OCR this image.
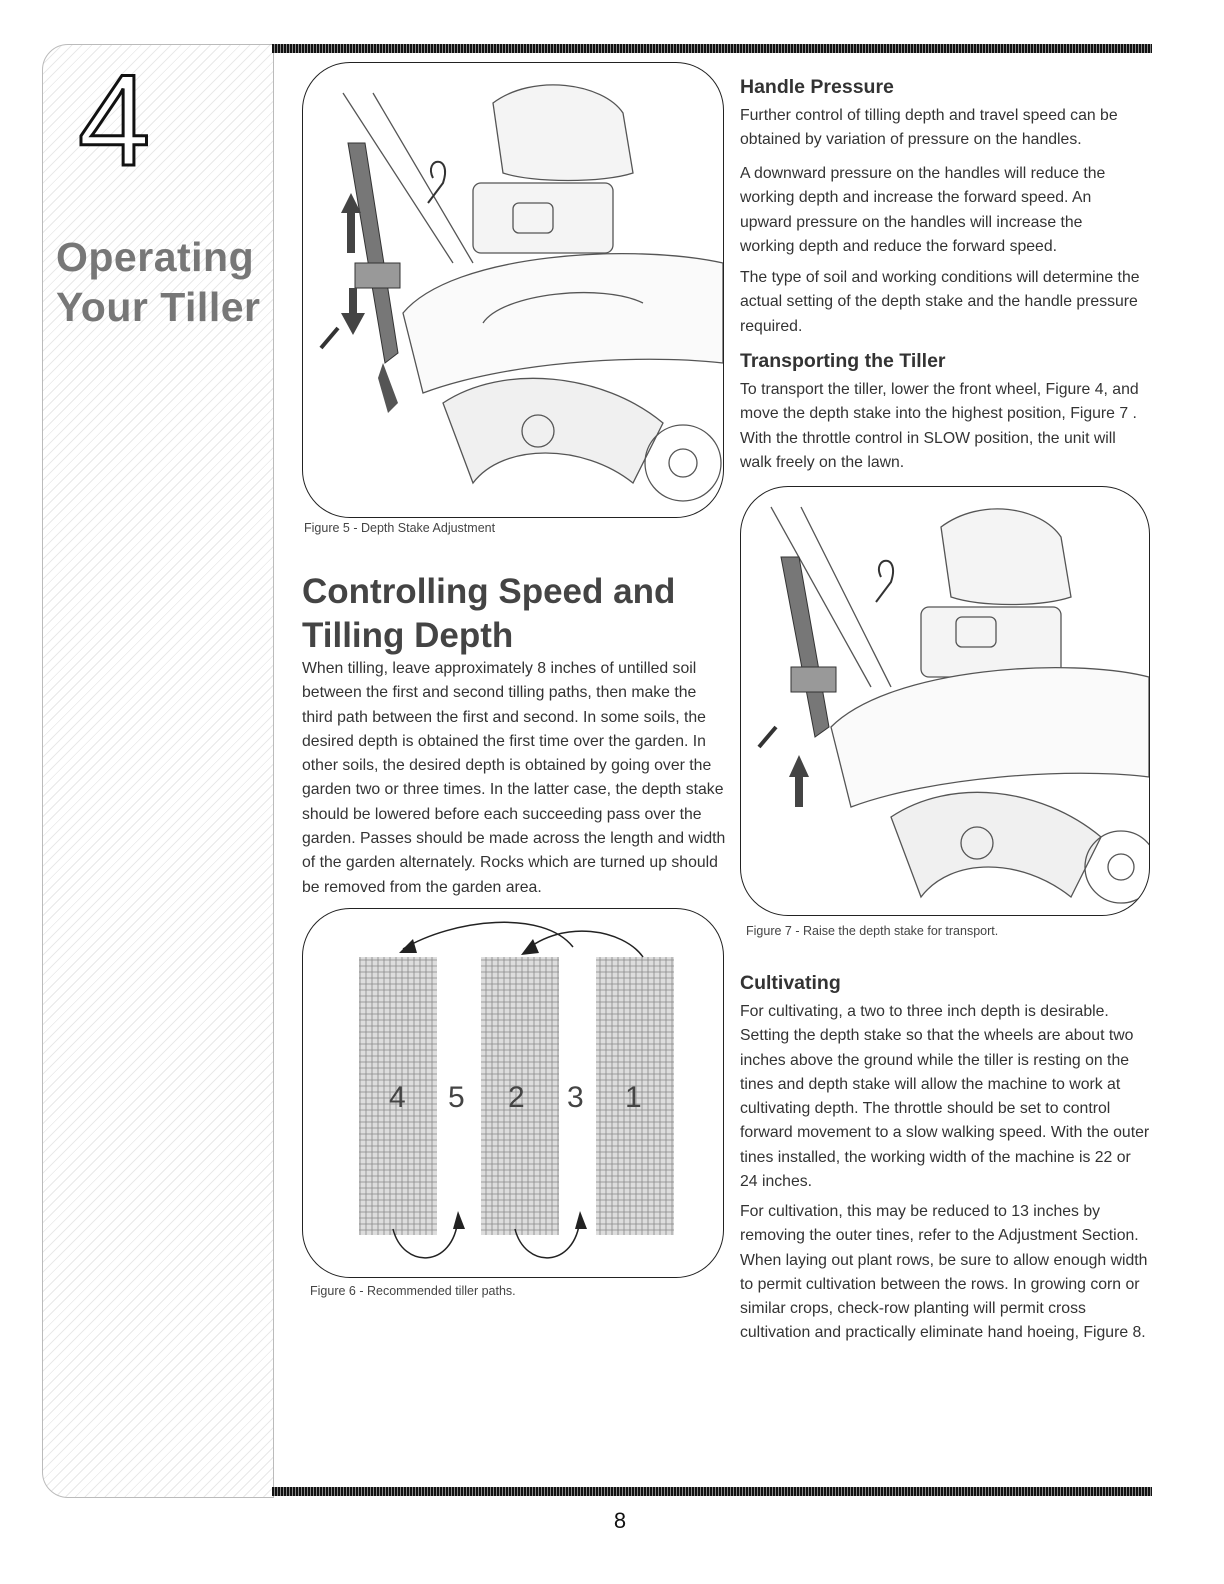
4
Operating
Your Tiller
Figure 5 - Depth Stake Adjustment
Controlling Speed and
Tilling Depth

When tilling, leave approximately 8 inches of untilled soil between the first and second tilling paths, then make the third path between the first and second. In some soils, the desired depth is obtained the first time over the garden. In other soils, the desired depth is obtained by going over the garden two or three times. In the latter case, the depth stake should be lowered before each succeeding pass over the garden. Passes should be made across the length and width of the garden alternately. Rocks which are turned up should be removed from the garden area.

4 5 2 3 1
Figure 6 - Recommended tiller paths.
Handle Pressure

Further control of tilling depth and travel speed can be obtained by variation of pressure on the handles.

A downward pressure on the handles will reduce the working depth and increase the forward speed. An upward pressure on the handles will increase the working depth and reduce the forward speed.

The type of soil and working conditions will determine the actual setting of the depth stake and the handle pressure required.

Transporting the Tiller

To transport the tiller, lower the front wheel, Figure 4, and move the depth stake into the highest position, Figure 7 . With the throttle control in SLOW position, the unit will walk freely on the lawn.

Figure 7 - Raise the depth stake for transport.
Cultivating

For cultivating, a two to three inch depth is desirable. Setting the depth stake so that the wheels are about two inches above the ground while the tiller is resting on the tines and depth stake will allow the machine to work at cultivating depth. The throttle should be set to control forward movement to a slow walking speed. With the outer tines installed, the working width of the machine is 22 or 24 inches.

For cultivation, this may be reduced to 13 inches by removing the outer tines, refer to the Adjustment Section. When laying out plant rows, be sure to allow enough width to permit cultivation between the rows. In growing corn or similar crops, check-row planting will permit cross cultivation and practically eliminate hand hoeing, Figure 8.

8
